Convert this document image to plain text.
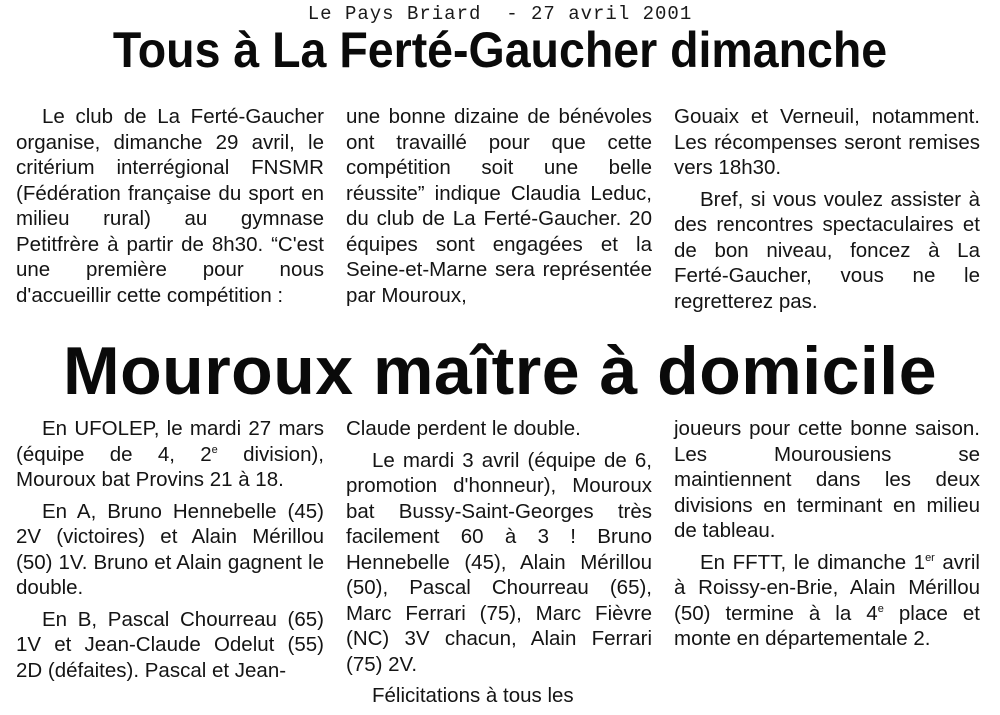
Le Pays Briard  - 27 avril 2001
Tous à La Ferté-Gaucher dimanche

Le club de La Ferté-Gaucher organise, dimanche 29 avril, le critérium interrégional FNSMR (Fédération française du sport en milieu rural) au gymnase Petitfrère à partir de 8h30. “C'est une première pour nous d'accueillir cette compétition :

une bonne dizaine de bénévoles ont travaillé pour que cette compétition soit une belle réussite” indique Claudia Leduc, du club de La Ferté-Gaucher. 20 équipes sont engagées et la Seine-et-Marne sera représentée par Mouroux,

Gouaix et Verneuil, notamment. Les récompenses seront remises vers 18h30.

Bref, si vous voulez assister à des rencontres spectaculaires et de bon niveau, foncez à La Ferté-Gaucher, vous ne le regretterez pas.

Mouroux maître à domicile

En UFOLEP, le mardi 27 mars (équipe de 4, 2e division), Mouroux bat Provins 21 à 18.

En A, Bruno Hennebelle (45) 2V (victoires) et Alain Mérillou (50) 1V. Bruno et Alain gagnent le double.

En B, Pascal Chourreau (65) 1V et Jean-Claude Odelut (55) 2D (défaites). Pascal et Jean-

Claude perdent le double.

Le mardi 3 avril (équipe de 6, promotion d'honneur), Mouroux bat Bussy-Saint-Georges très facilement 60 à 3 ! Bruno Hennebelle (45), Alain Mérillou (50), Pascal Chourreau (65), Marc Ferrari (75), Marc Fièvre (NC) 3V chacun, Alain Ferrari (75) 2V.

Félicitations à tous les

joueurs pour cette bonne saison. Les Mourousiens se maintiennent dans les deux divisions en terminant en milieu de tableau.

En FFTT, le dimanche 1er avril à Roissy-en-Brie, Alain Mérillou (50) termine à la 4e place et monte en départementale 2.
